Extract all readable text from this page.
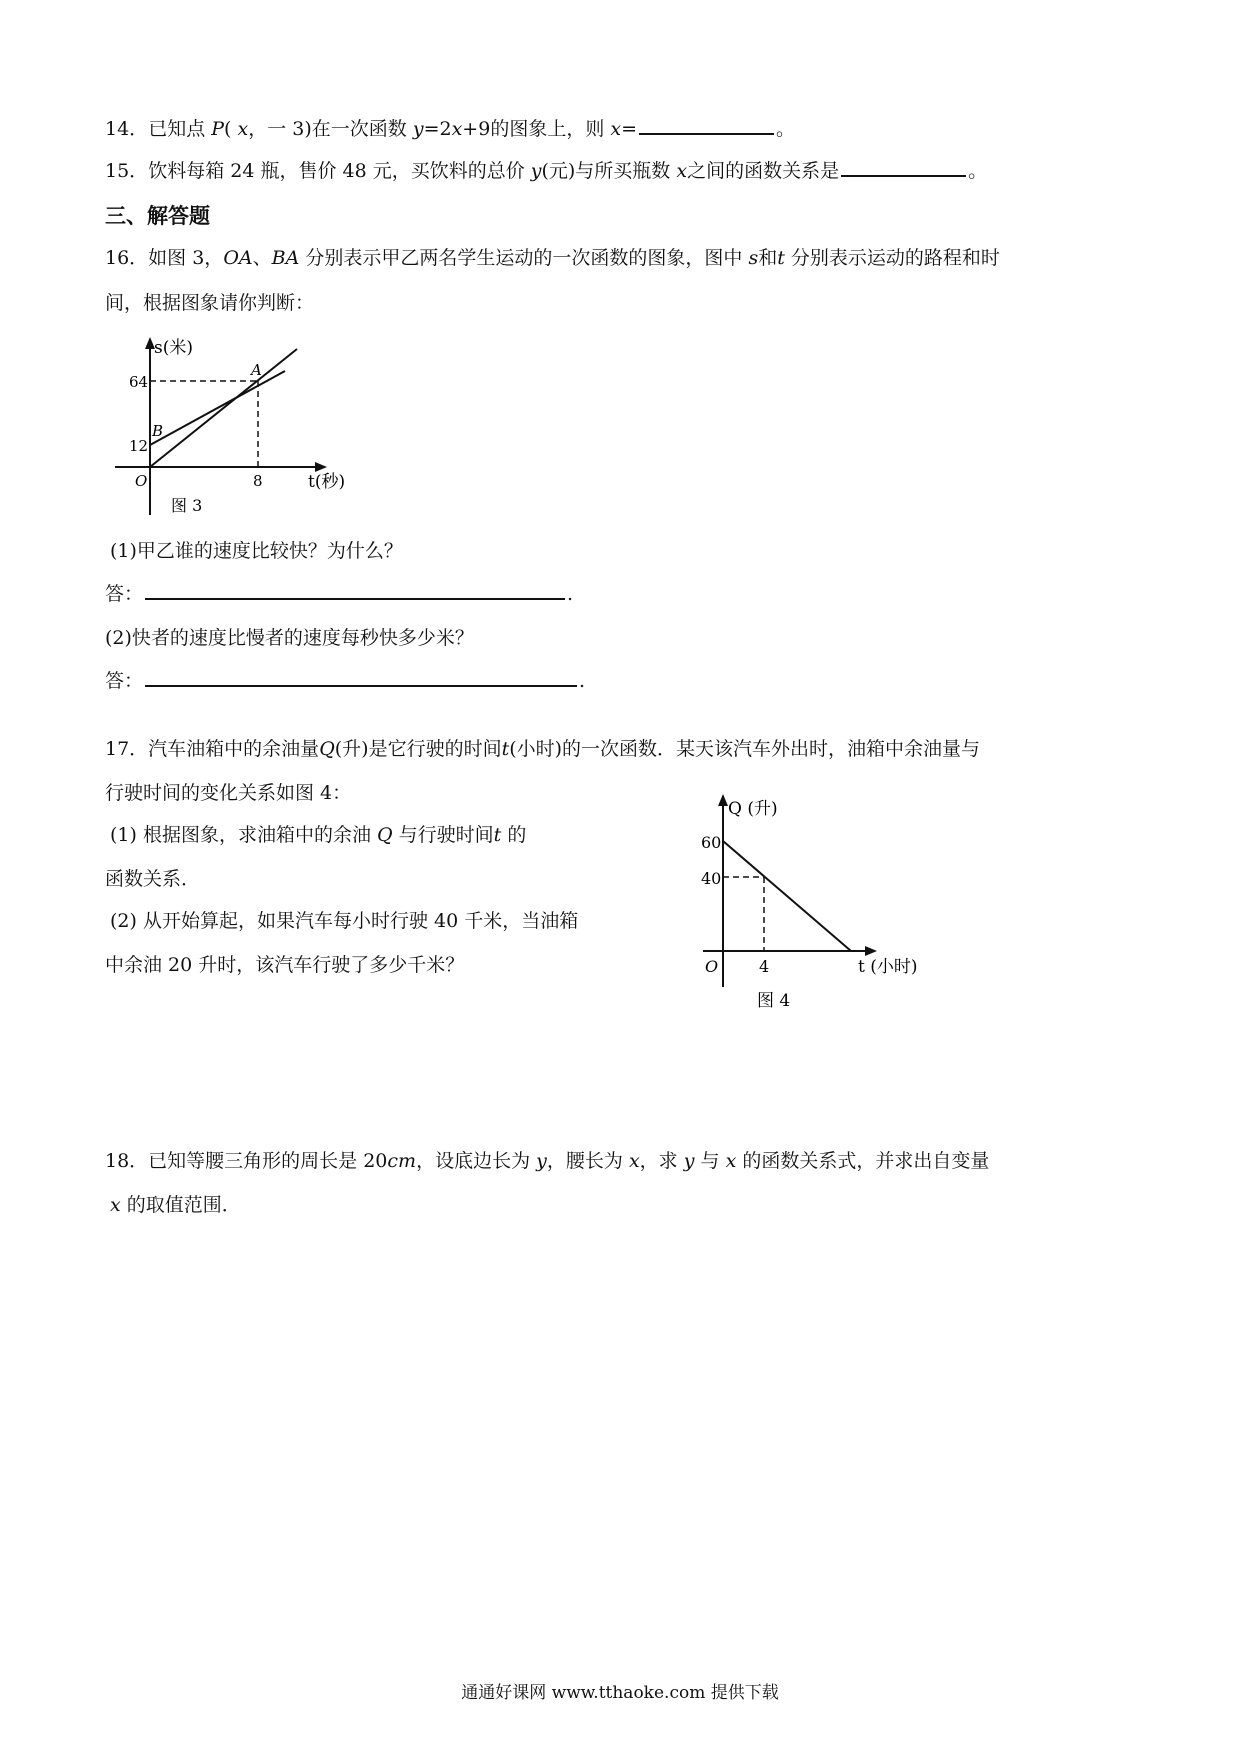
14．已知点 P( x，一 3)在一次函数 y=2x+9的图象上，则 x=	。
15．饮料每箱 24 瓶，售价 48 元，买饮料的总价 y(元)与所买瓶数 x之间的函数关系是	。
三、解答题
16．如图 3，OA、BA 分别表示甲乙两名学生运动的一次函数的图象，图中 s和t 分别表示运动的路程和时
间，根据图象请你判断：
s(米)
t(秒)
64
12
8
O
A
B
图 3
(1)甲乙谁的速度比较快？为什么？
答：	.
(2)快者的速度比慢者的速度每秒快多少米？
答：	.
17．汽车油箱中的余油量Q(升)是它行驶的时间t(小时)的一次函数．某天该汽车外出时，油箱中余油量与
行驶时间的变化关系如图 4：
(1) 根据图象，求油箱中的余油 Q 与行驶时间t 的
函数关系．
(2) 从开始算起，如果汽车每小时行驶 40 千米，当油箱
中余油 20 升时，该汽车行驶了多少千米？
Q (升)
t (小时)
60
40
4
O
图 4
18．已知等腰三角形的周长是 20cm，设底边长为 y，腰长为 x，求 y 与 x 的函数关系式，并求出自变量
x 的取值范围．
通通好课网 www.tthaoke.com 提供下载
